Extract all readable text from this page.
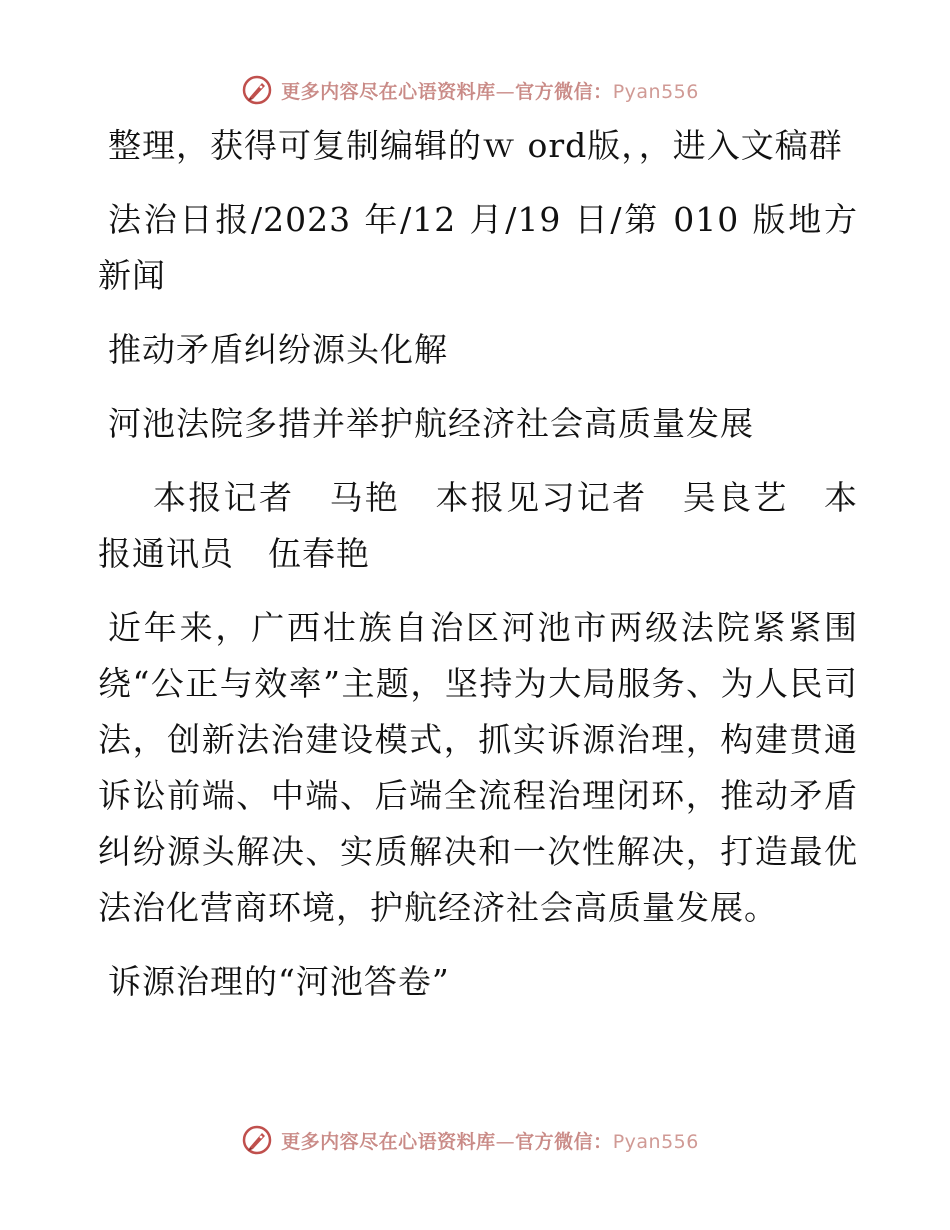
更多内容尽在心语资料库—官方微信：Pyan556

整理，获得可复制编辑的ｗ ord版，，进入文稿群

法治日报/2023 年/12 月/19 日/第 010 版地方新闻

推动矛盾纠纷源头化解

河池法院多措并举护航经济社会高质量发展

本报记者　马艳　本报见习记者　吴良艺　本报通讯员　伍春艳

近年来，广西壮族自治区河池市两级法院紧紧围绕“公正与效率”主题，坚持为大局服务、为人民司法，创新法治建设模式，抓实诉源治理，构建贯通诉讼前端、中端、后端全流程治理闭环，推动矛盾纠纷源头解决、实质解决和一次性解决，打造最优法治化营商环境，护航经济社会高质量发展。

诉源治理的“河池答卷”

更多内容尽在心语资料库—官方微信：Pyan556
